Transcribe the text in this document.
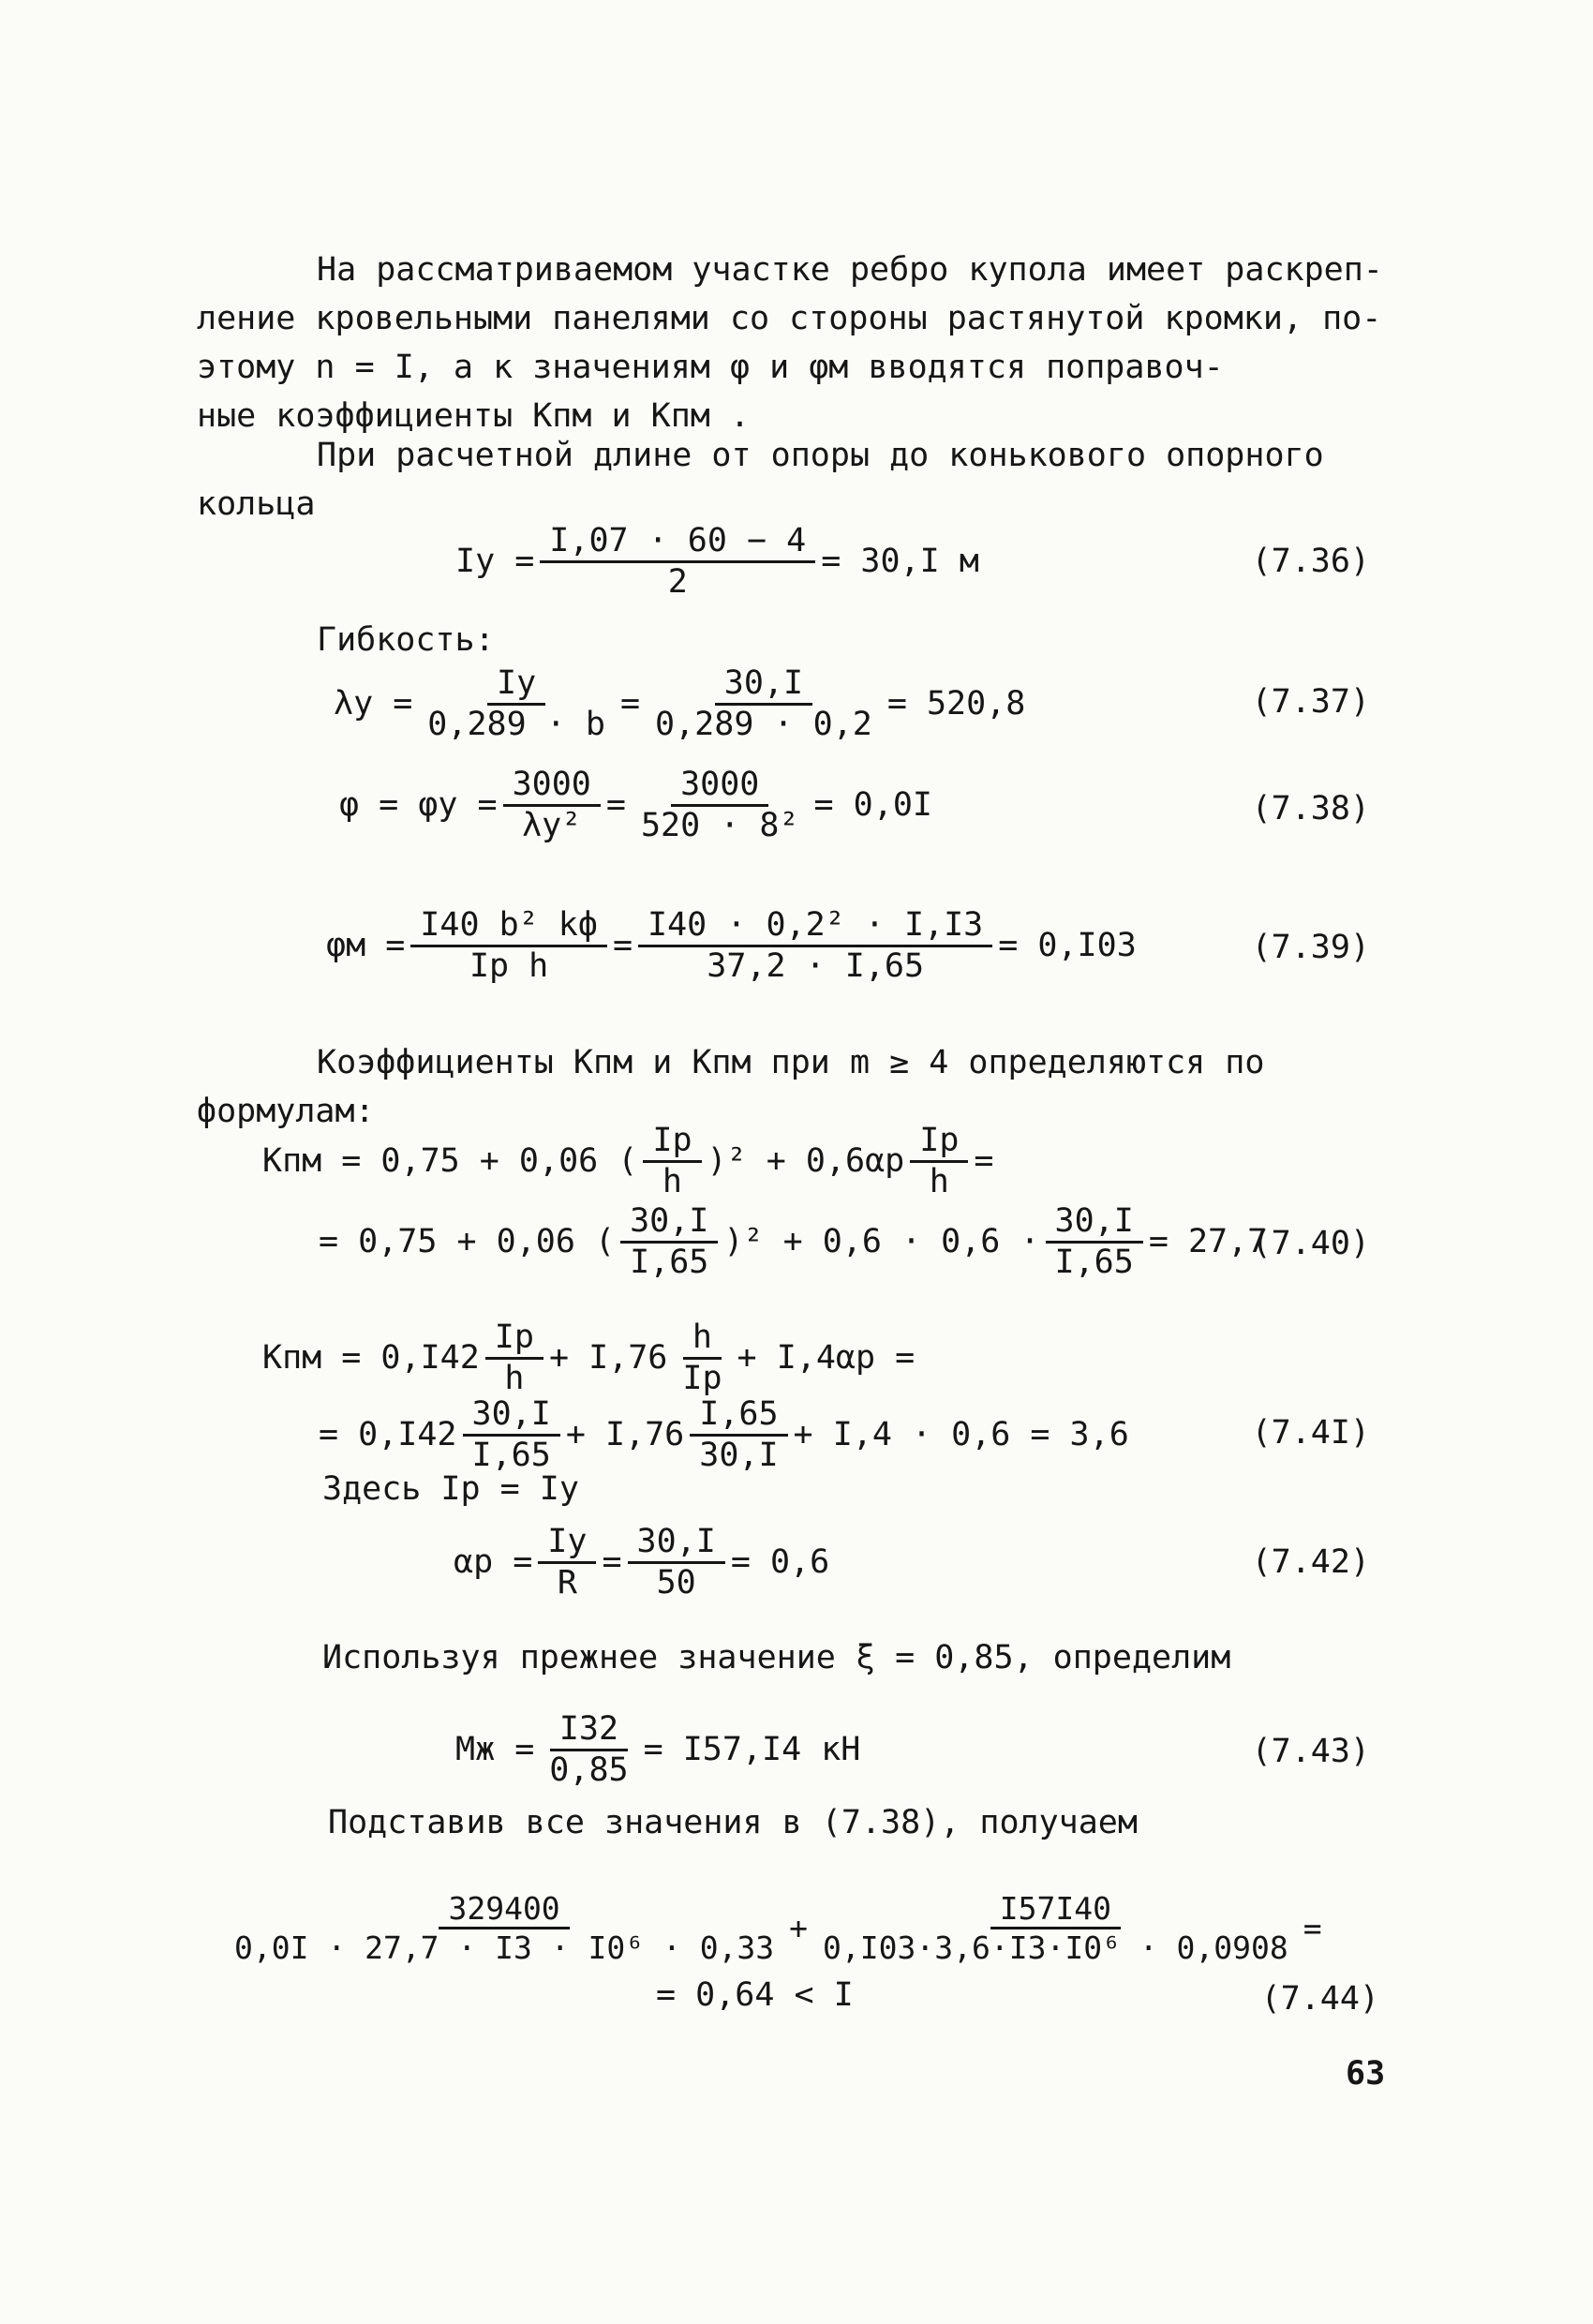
На рассматриваемом участке ребро купола имеет раскреп-
ление кровельными панелями со стороны растянутой кромки, по-
этому n = I, а к значениям φ и φм вводятся поправоч-
ные коэффициенты Kпм и Kпм .
При расчетной длине от опоры до конькового опорного
кольца
Iу = $\frac{I,07 \cdot 60 - 4}{2} = 30,I$ м	(7.36)
Гибкость:
$\lambda у = \frac{Iу}{0,289 \cdot b} = \frac{30,I}{0,289 \cdot 0,2} = 520,8$	(7.37)
$\varphi = \varphi у = \frac{3000}{\text{λу²}} = \frac{3000}{\text{520 · 8²}} = 0,0I$	(7.38)
$\varphi м = \frac{\text{I40 b² kф}}{\text{Iр h}} = \frac{\text{I40 · 0,2² · I,I3}}{37,2 \cdot I,65} = 0,I03$	(7.39)
Коэффициенты Kпм и Kпм при m ≥ 4 определяются по
формулам:
Kпм = 0,75 + 0,06 ( $\frac{Iр}{h} )^2 + 0,6\alpha р \frac{Iр}{h}$ =
= 0,75 + 0,06 ( $\frac{30,I}{I,65} )^2 + 0,6 \cdot 0,6 \cdot \frac{30,I}{I,65} = 27,7$
(7.40)
Kпм = $0,I42 \frac{Iр}{h} + I,76 \frac{h}{Iр} + I,4\alpha р$ =
= $0,I42 \frac{30,I}{I,65} + I,76 \frac{I,65}{30,I} + I,4 \cdot 0,6 = 3,6$	(7.4I)
Здесь Iр = Iу
$\alpha р = \frac{Iу}{R} = \frac{30,I}{50} = 0,6$	(7.42)
Используя прежнее значение ξ = 0,85, определим
Mж = $\frac{I32}{0,85} = I57,I4$ кН	(7.43)
Подставив все значения в (7.38), получаем
$\frac{329400}{\text{0,0I · 27,7 · I3 · I0⁶ · 0,33}} + \frac{I57I40}{\text{0,I03·3,6·I3·I0⁶ · 0,0908}}$ =
= 0,64 < I	(7.44)
63
